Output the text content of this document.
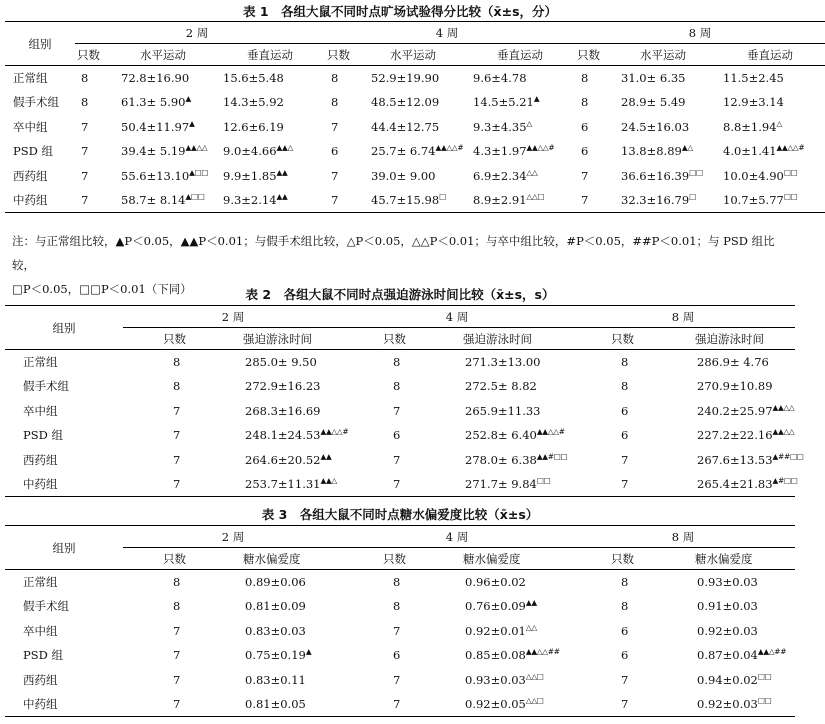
表 1　各组大鼠不同时点旷场试验得分比较（x̄±s，分）
组别	2 周			4 周			8 周		
	只数	水平运动	垂直运动	只数	水平运动	垂直运动	只数	水平运动	垂直运动
正常组	8	72.8±16.90	15.6±5.48	8	52.9±19.90	9.6±4.78	8	31.0± 6.35	11.5±2.45
假手术组	8	61.3± 5.90▲	14.3±5.92	8	48.5±12.09	14.5±5.21▲	8	28.9± 5.49	12.9±3.14
卒中组	7	50.4±11.97▲	12.6±6.19	7	44.4±12.75	9.3±4.35△	6	24.5±16.03	8.8±1.94△
PSD 组	7	39.4± 5.19▲▲△△	9.0±4.66▲▲△	6	25.7± 6.74▲▲△△#	4.3±1.97▲▲△△#	6	13.8±8.89▲△	4.0±1.41▲▲△△#
西药组	7	55.6±13.10▲□□	9.9±1.85▲▲	7	39.0± 9.00	6.9±2.34△△	7	36.6±16.39□□	10.0±4.90□□
中药组	7	58.7± 8.14▲□□	9.3±2.14▲▲	7	45.7±15.98□	8.9±2.91△△□	7	32.3±16.79□	10.7±5.77□□
注：与正常组比较，▲P＜0.05，▲▲P＜0.01；与假手术组比较，△P＜0.05，△△P＜0.01；与卒中组比较，#P＜0.05，##P＜0.01；与 PSD 组比较，
□P＜0.05，□□P＜0.01（下同）	表 2　各组大鼠不同时点强迫游泳时间比较（x̄±s，s）
组别	2 周		4 周		8 周	
	只数	强迫游泳时间	只数	强迫游泳时间	只数	强迫游泳时间
正常组	8	285.0± 9.50	8	271.3±13.00	8	286.9± 4.76
假手术组	8	272.9±16.23	8	272.5± 8.82	8	270.9±10.89
卒中组	7	268.3±16.69	7	265.9±11.33	6	240.2±25.97▲▲△△
PSD 组	7	248.1±24.53▲▲△△#	6	252.8± 6.40▲▲△△#	6	227.2±22.16▲▲△△
西药组	7	264.6±20.52▲▲	7	278.0± 6.38▲▲#□□	7	267.6±13.53▲##□□
中药组	7	253.7±11.31▲▲△	7	271.7± 9.84□□	7	265.4±21.83▲#□□
表 3　各组大鼠不同时点糖水偏爱度比较（x̄±s）
组别	2 周		4 周		8 周	
	只数	糖水偏爱度	只数	糖水偏爱度	只数	糖水偏爱度
正常组	8	0.89±0.06	8	0.96±0.02	8	0.93±0.03
假手术组	8	0.81±0.09	8	0.76±0.09▲▲	8	0.91±0.03
卒中组	7	0.83±0.03	7	0.92±0.01△△	6	0.92±0.03
PSD 组	7	0.75±0.19▲	6	0.85±0.08▲▲△△##	6	0.87±0.04▲▲△##
西药组	7	0.83±0.11	7	0.93±0.03△△□	7	0.94±0.02□□
中药组	7	0.81±0.05	7	0.92±0.05△△□	7	0.92±0.03□□
